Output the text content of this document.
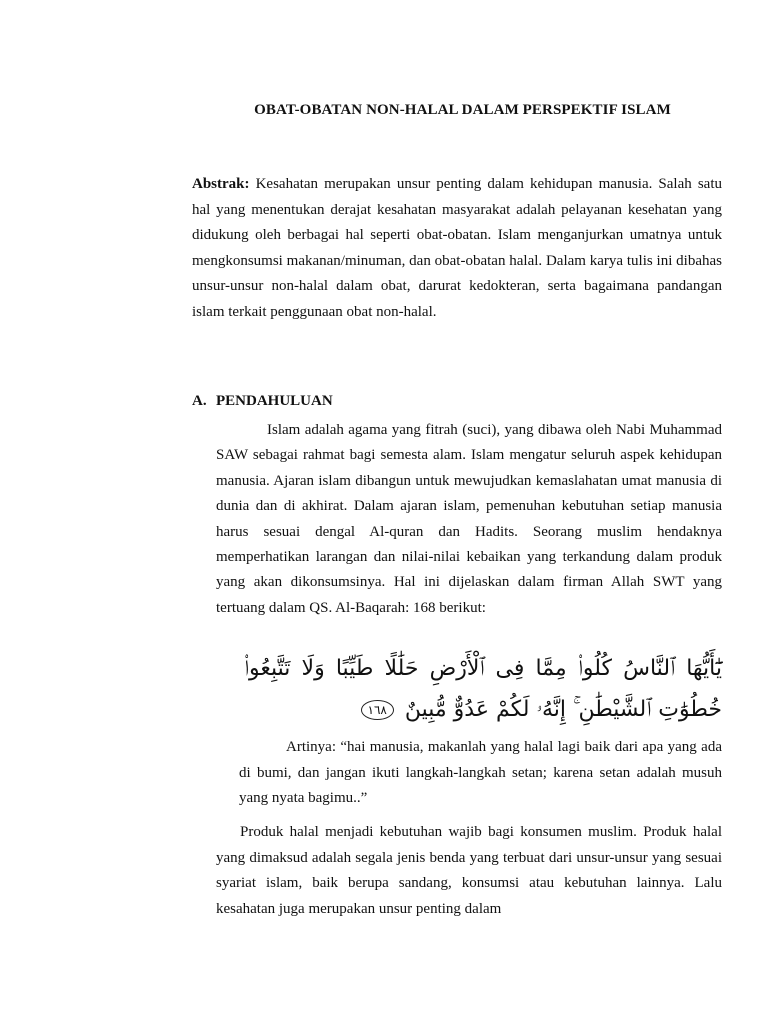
OBAT-OBATAN NON-HALAL DALAM PERSPEKTIF ISLAM
Abstrak: Kesahatan merupakan unsur penting dalam kehidupan manusia. Salah satu hal yang menentukan derajat kesahatan masyarakat adalah pelayanan kesehatan yang didukung oleh berbagai hal seperti obat-obatan. Islam menganjurkan umatnya untuk mengkonsumsi makanan/minuman, dan obat-obatan halal. Dalam karya tulis ini dibahas unsur-unsur non-halal dalam obat, darurat kedokteran, serta bagaimana pandangan islam terkait penggunaan obat non-halal.
A. PENDAHULUAN
Islam adalah agama yang fitrah (suci), yang dibawa oleh Nabi Muhammad SAW sebagai rahmat bagi semesta alam. Islam mengatur seluruh aspek kehidupan manusia. Ajaran islam dibangun untuk mewujudkan kemaslahatan umat manusia di dunia dan di akhirat. Dalam ajaran islam, pemenuhan kebutuhan setiap manusia harus sesuai dengal Al-quran dan Hadits. Seorang muslim hendaknya memperhatikan larangan dan nilai-nilai kebaikan yang terkandung dalam produk yang akan dikonsumsinya. Hal ini dijelaskan dalam firman Allah SWT yang tertuang dalam QS. Al-Baqarah: 168 berikut:
يَٰٓأَيُّهَا ٱلنَّاسُ كُلُوا۟ مِمَّا فِى ٱلْأَرْضِ حَلَٰلًا طَيِّبًا وَلَا تَتَّبِعُوا۟ خُطُوَٰتِ ٱلشَّيْطَٰنِ ۚ إِنَّهُۥ لَكُمْ عَدُوٌّ مُّبِينٌ ١٦٨
Artinya: “hai manusia, makanlah yang halal lagi baik dari apa yang ada di bumi, dan jangan ikuti langkah-langkah setan; karena setan adalah musuh yang nyata bagimu..”
Produk halal menjadi kebutuhan wajib bagi konsumen muslim. Produk halal yang dimaksud adalah segala jenis benda yang terbuat dari unsur-unsur yang sesuai syariat islam, baik berupa sandang, konsumsi atau kebutuhan lainnya. Lalu kesahatan juga merupakan unsur penting dalam
